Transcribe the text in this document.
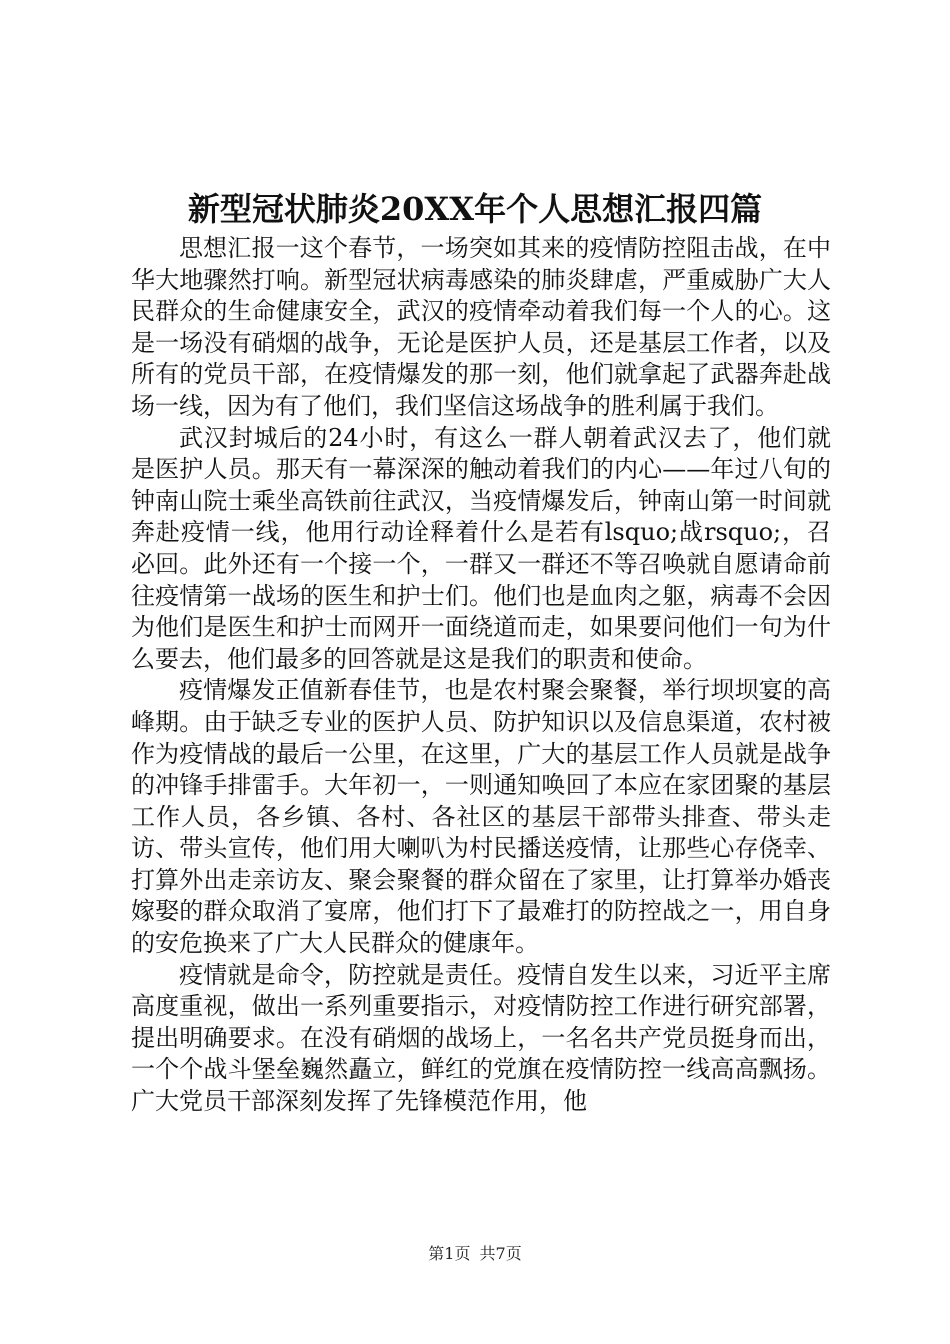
新型冠状肺炎20XX年个人思想汇报四篇

思想汇报一这个春节，一场突如其来的疫情防控阻击战，在中华大地骤然打响。新型冠状病毒感染的肺炎肆虐，严重威胁广大人民群众的生命健康安全，武汉的疫情牵动着我们每一个人的心。这是一场没有硝烟的战争，无论是医护人员，还是基层工作者，以及所有的党员干部，在疫情爆发的那一刻，他们就拿起了武器奔赴战场一线，因为有了他们，我们坚信这场战争的胜利属于我们。

武汉封城后的24小时，有这么一群人朝着武汉去了，他们就是医护人员。那天有一幕深深的触动着我们的内心——年过八旬的钟南山院士乘坐高铁前往武汉，当疫情爆发后，钟南山第一时间就奔赴疫情一线，他用行动诠释着什么是若有lsquo;战rsquo;，召必回。此外还有一个接一个，一群又一群还不等召唤就自愿请命前往疫情第一战场的医生和护士们。他们也是血肉之躯，病毒不会因为他们是医生和护士而网开一面绕道而走，如果要问他们一句为什么要去，他们最多的回答就是这是我们的职责和使命。

疫情爆发正值新春佳节，也是农村聚会聚餐，举行坝坝宴的高峰期。由于缺乏专业的医护人员、防护知识以及信息渠道，农村被作为疫情战的最后一公里，在这里，广大的基层工作人员就是战争的冲锋手排雷手。大年初一，一则通知唤回了本应在家团聚的基层工作人员，各乡镇、各村、各社区的基层干部带头排查、带头走访、带头宣传，他们用大喇叭为村民播送疫情，让那些心存侥幸、打算外出走亲访友、聚会聚餐的群众留在了家里，让打算举办婚丧嫁娶的群众取消了宴席，他们打下了最难打的防控战之一，用自身的安危换来了广大人民群众的健康年。

疫情就是命令，防控就是责任。疫情自发生以来，习近平主席高度重视，做出一系列重要指示，对疫情防控工作进行研究部署，提出明确要求。在没有硝烟的战场上，一名名共产党员挺身而出，一个个战斗堡垒巍然矗立，鲜红的党旗在疫情防控一线高高飘扬。广大党员干部深刻发挥了先锋模范作用，他

第1页 共7页
